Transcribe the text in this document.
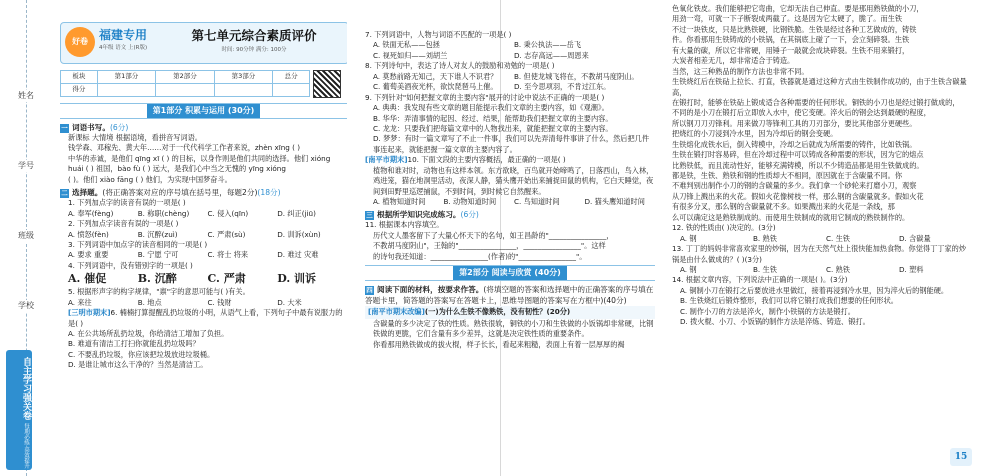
姓名
学号
班级
学校
自主学习强关卷 每期必练·高效提升
好卷 福建专用
4年级 语文 上(R版)
第七单元综合素质评价
时间: 90分钟 满分: 100分
板块	第1部分	第2部分	第3部分	总分
得分				
第1部分 积累与运用 (30分)
一 词语书写。(6分)

新课标 大情境 根据语境，看拼音写词语。

钱学森、邓稼先、黄大年……对于一代代科学工作者来说，zhèn xīng ( )

中华的赤诚，是他们 qīng xī ( ) 的目标，以身作则是他们共同的选择。他们 xióng

huái ( ) 祖国，bào fù ( ) 远大，是我们心中当之无愧的 yīng xióng

( )。他们 xiào fāng ( ) 他们，为实现中国梦奋斗。

二 选择题。(将正确答案对应的序号填在括号里，每题2分)(18分)

1. 下列加点字的读音有误的一项是( )

A. 奉军(fèng)	B. 称职(chèng)	C. 侵入(qīn)	D. 纠正(jiū)

2. 下列加点字读音有误的一项是( )

A. 愤怒(fèn)	B. 沉醉(zuì)	C. 严肃(sù)	D. 训诉(xùn)

3. 下列词语中加点字的读音相同的一项是( )

A. 要求 重要	B. 宁愿 宁可	C. 将士 将来	D. 难过 灾难

4. 下列词语中，没有错别字的一项是( )

A. 催促	B. 沉醉	C. 严肃	D. 训诉

5. 根据形声字的构字规律，"禀"字的意思可能与( )有关。

A. 来往	B. 地点	C. 钱财	D. 大米

[三明市期末]6. 楠楠打算提醒乱扔垃圾的小明，从语气上看，下列句子中最有说服力的是( )

A. 在公共场所乱扔垃圾，你给清洁工增加了负担。

B. 难道有清洁工打扫你就能乱扔垃圾吗？

C. 不要乱扔垃圾，你应该把垃圾放进垃圾桶。

D. 是谁让城市这么干净的？当然是清洁工。

7. 下列词语中，人物与词语不匹配的一项是( )

A. 铁面无私——包拯	B. 秉公执法——岳飞
C. 视死如归——刘胡兰	D. 志存高远——周恩来

8. 下列诗句中，表达了诗人对友人的鼓励和劝勉的一项是( )

A. 莫愁前路无知己，天下谁人不识君？	B. 但使龙城飞将在，不教胡马度阴山。
C. 葡萄美酒夜光杯，欲饮琵琶马上催。	D. 至今思项羽，不肯过江东。

9. 下列针对"如何把握文章的主要内容"展开的讨论中说法不正确的一项是( )

A. 典典：我发现有些文章的题目能提示我们文章的主要内容，如《观潮》。

B. 华华：弄清事情的起因、经过、结果，能帮助我们把握文章的主要内容。

C. 龙龙：只要我们把每篇文章中的人物找出来，就能把握文章的主要内容。

D. 梦梦：有时一篇文章写了不止一件事，我们可以先弄清每件事讲了什么，然后把几件事连起来，就能把握一篇文章的主要内容了。

[南平市期末]10. 下面文段的主要内容概括，最正确的一项是( )

植物和谁对时，动物也有这样本领。东方欲晓，百鸟就开始啼鸣了，日落西山，鸟入林，鸡进笼，猫在地洞里活动，夜深人静，猫头鹰开始出来捕捉田鼠的机构，它白天睡觉，夜间到田野里巡逻捕鼠，不到时间，到时候它自然醒来。

A. 植物知道时间	B. 动物知道时间	C. 鸟知道时间	D. 猫头鹰知道时间
三 根据所学知识完成练习。(6分)

11. 根据课本内容填空。

历代文人墨客留下了大量心怀天下的名句，如王昌龄的"________________，

不教胡马度阴山"，王翰的"________________，________________"。这样

的诗句我还知道：________________(作者)的"________________"。

第2部分 阅读与欣赏 (40分)
四 阅读下面的材料，按要求作答。(将填空题的答案和选择题中的正确答案的序号填在答题卡里，简答题的答案写在答题卡上，思维导图题的答案写在方框中)(40分)

[南平市期末改编](一)为什么生铁不像熟铁，没有韧性？(20分)

含碳量的多少决定了铁的性质。熟铁很软，铜铁的小刀和生铁做的小饭锅却非常硬，比钢铁做的更脆，它们含量有多少差异，这就是决定铁性质的重要条件。

你看那用熟铁做成的拔火棍，样子长长，看起来粗糙，表面上有着一层厚厚的褐

色氧化铁皮。我们能够把它弯曲，它却无法自己伸直。要是那用熟铁做的小刀，

用劲一弯，可就一下子断裂成两截了。这是因为它太硬了，脆了。而生铁

不过一块铁皮，只是比熟铁硬，比钢铁脆。生铁是经过各种工艺做成的，铸铁

件。你看那用生铁铸成的小铁锅，在其锅底上碰了一下，会立刻碎裂。生铁

有大量的碳，所以它非常硬，用锤子一敲就会成块碎裂。生铁不用来锻打，

大炭者相差无几，却非常适合于铸造。

当然，这三种熟品的制作方法也非常不同。

生铁烧红后在铁砧上拉长、打直，铁器就是通过这种方式由生铁制作成功的，由于生铁含碳量高，

在锻打时，能够在铁砧上锻成适合各种需要的任何形状。铜铁的小刀也是经过锻打做成的，

不同的是小刀在锻打后立即放入水中，使它变硬。淬火后的钢会达到最硬的程度，

所以钢刀刀刃锋利。用来做刀等锋利工具的刀刃部分，要比其他部分更硬些。

把烧红的小刀浸到冷水里，因为冷却后的钢会变硬。

生铁熔化成铁水后，倒入铸模中，冷却之后就成为所需要的铸件，比如铁锅。

生铁在锻打时容易碎，但在冷却过程中可以铸成各种需要的形状，因为它的熔点

比熟铁低，而且流动性好，能够充满铸模，所以不少铸造品都是用生铁做成的。

都是铁，生铁、熟铁和钢的性质却大不相同，原因就在于含碳量不同。你

不难判别出制作小刀的钢的含碳量的多少。我们拿一个砂轮来打磨小刀，观察

从刀锋上溅出来的火花。假如火花像树枝一样，那么钢的含碳量就多。假如火花

有很多分叉，那么钢的含碳量就不多。如果溅出来的火花是一条线，那

么可以确定这是熟铁制成的。而使用生铁制成的就用它制成的熟铁制作的。

12. 铁的性质由( )决定的。(3分)

A. 钢	B. 熟铁	C. 生铁	D. 含碳量

13. 丁丁的妈妈非常喜欢家里的炒锅，因为在天然气灶上很快能加热食物。你觉得丁丁家的炒锅是由什么做成的？( )(3分)

A. 钢	B. 生铁	C. 熟铁	D. 塑料

14. 根据文章内容，下列说法中正确的一项是( )。(3分)

A. 铜制小刀在锻打之后要放进水里做红，接着再浸到冷水里，因为淬火后的钢能硬。

B. 生铁烧红后锻炸整形，我们可以将它锻打成我们想要的任何形状。

C. 制作小刀的方法是淬火，制作小铁锅的方法是锻打。

D. 拨火棍、小刀、小饭锅的制作方法是淬炼、铸造、锻打。

15
